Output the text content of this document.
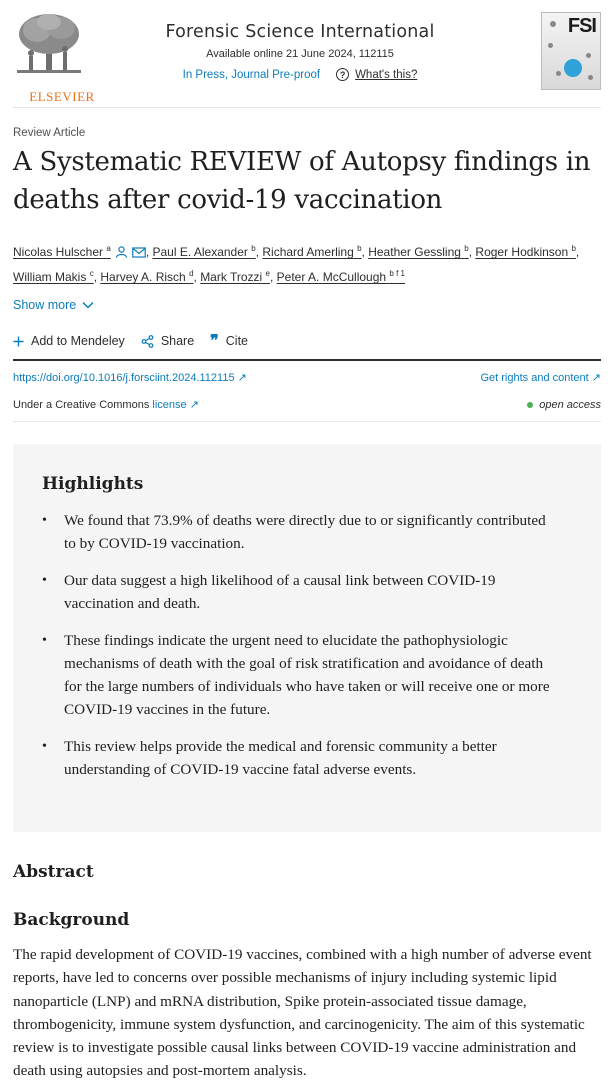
ELSEVIER
Forensic Science International
Available online 21 June 2024, 112115
In Press, Journal Pre-proof	? What's this?
FSI
Review Article
A Systematic REVIEW of Autopsy findings in deaths after covid-19 vaccination
Nicolas Hulscher $^a$	, Paul E. Alexander $^b$, Richard Amerling $^b$, Heather Gessling $^b$, Roger Hodkinson $^b$, William Makis $^c$, Harvey A. Risch $^d$, Mark Trozzi $^e$, Peter A. McCullough $^{b f 1}$
Show more
Add to Mendeley	Share ❞ Cite
https://doi.org/10.1016/j.forsciint.2024.112115 ↗	Get rights and content ↗
Under a Creative Commons license ↗	open access
Highlights
• We found that 73.9% of deaths were directly due to or significantly contributed to by COVID-19 vaccination.
• Our data suggest a high likelihood of a causal link between COVID-19 vaccination and death.
• These findings indicate the urgent need to elucidate the pathophysiologic mechanisms of death with the goal of risk stratification and avoidance of death for the large numbers of individuals who have taken or will receive one or more COVID-19 vaccines in the future.
• This review helps provide the medical and forensic community a better understanding of COVID-19 vaccine fatal adverse events.
Abstract
Background

The rapid development of COVID-19 vaccines, combined with a high number of adverse event reports, have led to concerns over possible mechanisms of injury including systemic lipid nanoparticle (LNP) and mRNA distribution, Spike protein-associated tissue damage, thrombogenicity, immune system dysfunction, and carcinogenicity. The aim of this systematic review is to investigate possible causal links between COVID-19 vaccine administration and death using autopsies and post-mortem analysis.
